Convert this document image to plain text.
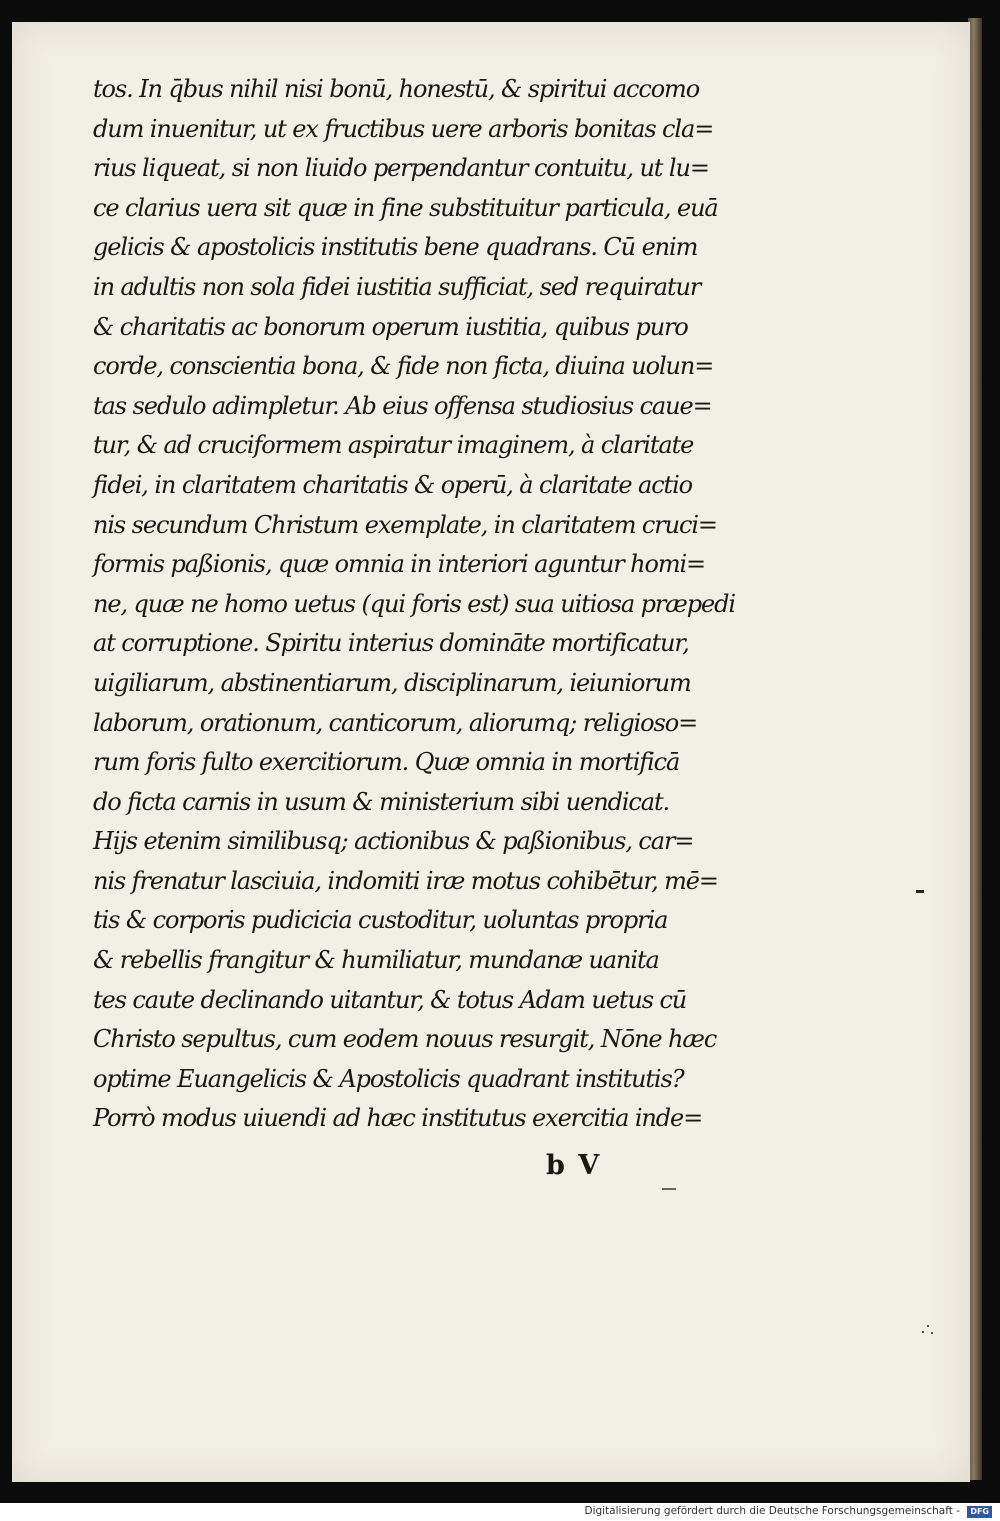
tos. In q̄bus nihil nisi bonū, honestū, & spiritui accomo
dum inuenitur, ut ex fructibus uere arboris bonitas cla=
rius liqueat, si non liuido perpendantur contuitu, ut lu=
ce clarius uera sit quæ in fine substituitur particula, euā
gelicis & apostolicis institutis bene quadrans. Cū enim
in adultis non sola fidei iustitia sufficiat, sed requiratur
& charitatis ac bonorum operum iustitia, quibus puro
corde, conscientia bona, & fide non ficta, diuina uolun=
tas sedulo adimpletur. Ab eius offensa studiosius caue=
tur, & ad cruciformem aspiratur imaginem, à claritate
fidei, in claritatem charitatis & operū, à claritate actio
nis secundum Christum exemplate, in claritatem cruci=
formis paßionis, quæ omnia in interiori aguntur homi=
ne, quæ ne homo uetus (qui foris est) sua uitiosa præpedi
at corruptione. Spiritu interius domināte mortificatur,
uigiliarum, abstinentiarum, disciplinarum, ieiuniorum
laborum, orationum, canticorum, aliorumq; religioso=
rum foris fulto exercitiorum. Quæ omnia in mortificā
do ficta carnis in usum & ministerium sibi uendicat.
Hijs etenim similibusq; actionibus & paßionibus, car=
nis frenatur lasciuia, indomiti iræ motus cohibētur, mē=
tis & corporis pudicicia custoditur, uoluntas propria
& rebellis frangitur & humiliatur, mundanæ uanita
tes caute declinando uitantur, & totus Adam uetus cū
Christo sepultus, cum eodem nouus resurgit, Nōne hæc
optime Euangelicis & Apostolicis quadrant institutis?
Porrò modus uiuendi ad hæc institutus exercitia inde=
b V
Digitalisierung gefördert durch die Deutsche Forschungsgemeinschaft -	DFG
